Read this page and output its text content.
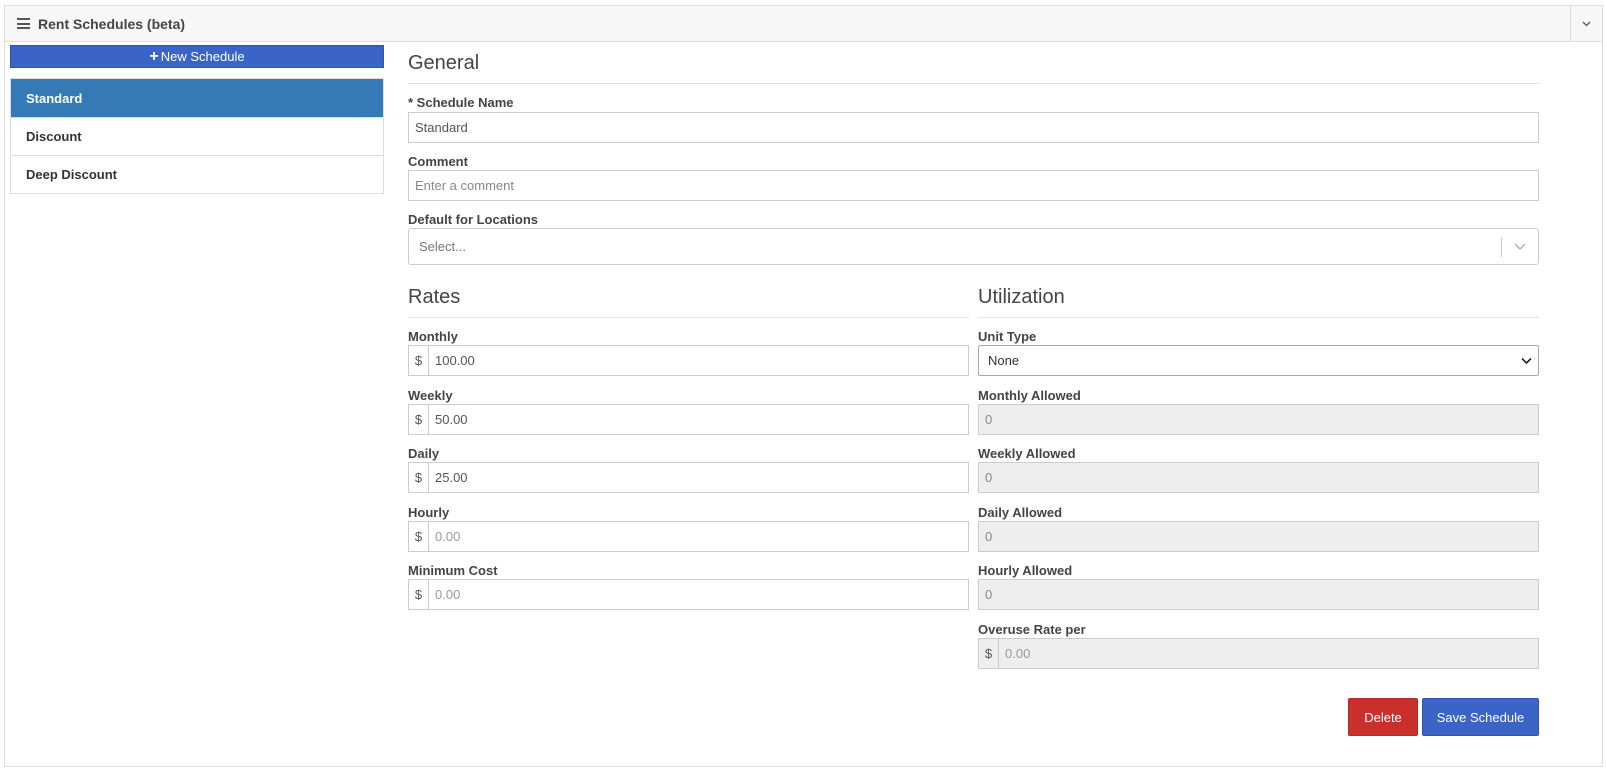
Rent Schedules (beta)
+ New Schedule
Standard
Discount
Deep Discount
General
* Schedule Name
Standard
Comment
Enter a comment
Default for Locations
Select...
Rates
Monthly
$ 100.00
Weekly
$ 50.00
Daily
$ 25.00
Hourly
$ 0.00
Minimum Cost
$ 0.00
Utilization
Unit Type
None
Monthly Allowed
0
Weekly Allowed
0
Daily Allowed
0
Hourly Allowed
0
Overuse Rate per
$ 0.00
Delete	Save Schedule
